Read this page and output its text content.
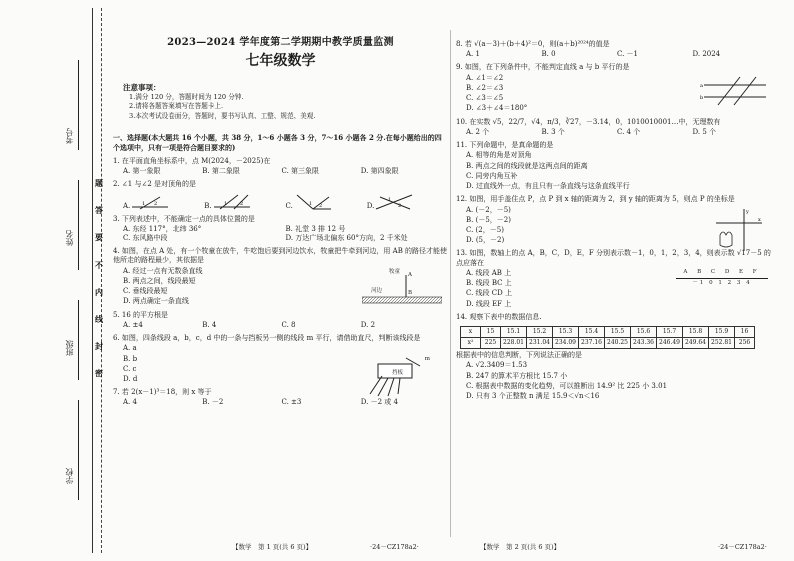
考号
姓名
班级
学校
题
答
要
不
内
线
封
密
2023—2024 学年度第二学期期中教学质量监测
七年级数学
注意事项：
1.满分 120 分，答题时间为 120 分钟.
2.请将各题答案填写在答题卡上.
3.本次考试设卷面分，答题时，要书写认真、工整、规范、美观.
一、选择题(本大题共 16 个小题，共 38 分，1～6 小题各 3 分，7～16 小题各 2 分.在每小题给出的四个选项中，只有一项是符合题目要求的)
1. 在平面直角坐标系中，点 M(2024，－2025)在
A. 第一象限	B. 第二象限	C. 第三象限	D. 第四象限
2. ∠1 与∠2 是对顶角的是
A. 1 2	B. 1	2	C.	1 2	D.
1
2
3. 下列表述中，不能确定一点的具体位置的是
A. 东经 117°，北纬 36°	B. 礼堂 3 排 12 号
C. 东风路中段	D. 万达广场北偏东 60°方向，2 千米处
4. 如图，在点 A 处，有一个牧童在放牛，牛吃饱后要到河边饮水，牧童把牛牵到河边，用 AB 的路径才能使他所走的路程最少，其依据是
A. 经过一点有无数条直线
B. 两点之间，线段最短
C. 垂线段最短
D. 两点确定一条直线
牧童 A
河边	B
5. 16 的平方根是
A. ±4	B. 4	C. 8	D. 2
6. 如图，四条线段 a，b，c，d 中的一条与挡板另一侧的线段 m 平行，请借助直尺，判断该线段是
A. a
B. b
C. c
D. d
挡板
m
7. 若 2(x－1)³＝18，则 x 等于
A. 4	B. －2	C. ±3	D. －2 或 4
8. 若 √(a－3)＋(b＋4)²＝0，则(a＋b)²⁰²⁴的值是
A. 1	B. 0	C. －1	D. 2024
9. 如图，在下列条件中，不能判定直线 a 与 b 平行的是
A. ∠1＝∠2
B. ∠2＝∠3
C. ∠3＝∠5
D. ∠3＋∠4＝180°
a
b
10. 在实数 √5，22/7，√4，π/3，∛27，－3.14，0，1010010001…中，无理数有
A. 2 个	B. 3 个	C. 4 个	D. 5 个
11. 下列命题中，是真命题的是
A. 相等的角是对顶角
B. 两点之间的线段就是这两点间的距离
C. 同旁内角互补
D. 过直线外一点，有且只有一条直线与这条直线平行
12. 如图，用手盖住点 P，点 P 到 x 轴的距离为 2，到 y 轴的距离为 5，则点 P 的坐标是
A. (－2，－5)
B. (－5，－2)
C. (2，－5)
D. (5，－2)
x
y
13. 如图，数轴上的点 A，B，C，D，E，F 分别表示数－1，0，1，2，3，4，则表示数 √17－5 的点应落在
A. 线段 AB 上
B. 线段 BC 上
C. 线段 CD 上
D. 线段 EF 上
A B C D E F
－1 0 1 2 3 4
14. 观察下表中的数据信息.
x	15	15.1	15.2	15.3	15.4	15.5	15.6	15.7	15.8	15.9	16
x²	225	228.01	231.04	234.09	237.16	240.25	243.36	246.49	249.64	252.81	256
根据表中的信息判断，下列说法正确的是
A. √2.3409＝1.53
B. 247 的算术平方根比 15.7 小
C. 根据表中数据的变化趋势，可以推断出 14.9² 比 225 小 3.01
D. 只有 3 个正整数 n 满足 15.9＜√n＜16
【数学　第 1 页(共 6 页)】	·24－CZ178a2·	【数学　第 2 页(共 6 页)】	·24－CZ178a2·
